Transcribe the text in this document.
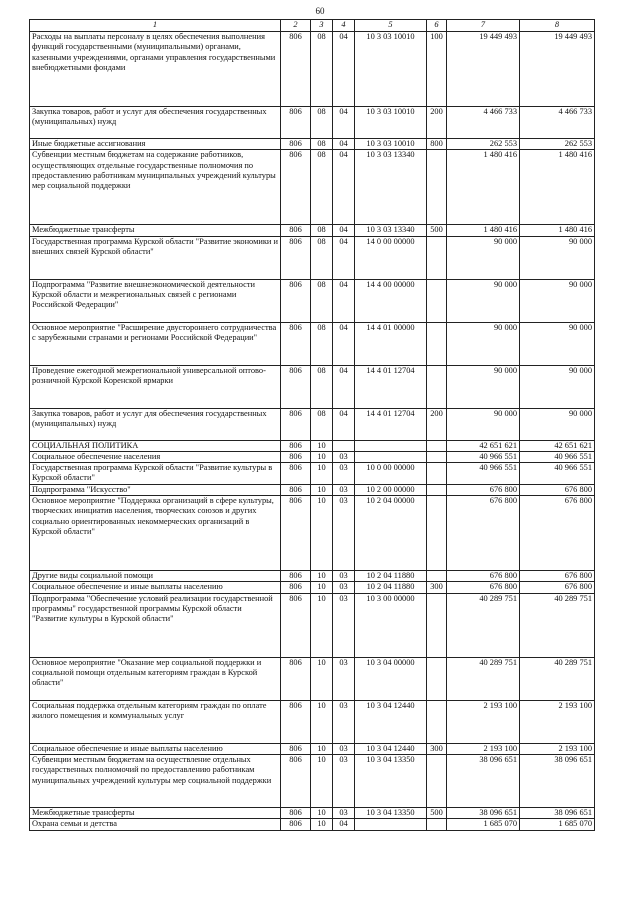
60
1	2	3	4	5	6	7	8
Расходы на выплаты персоналу в целях обеспечения выполнения функций государственными (муниципальными) органами, казенными учреждениями, органами управления государственными внебюджетными фондами	806	08	04	10 3 03 10010	100	19 449 493	19 449 493
Закупка товаров, работ и услуг для обеспечения государственных (муниципальных) нужд	806	08	04	10 3 03 10010	200	4 466 733	4 466 733
Иные бюджетные ассигнования	806	08	04	10 3 03 10010	800	262 553	262 553
Субвенции местным бюджетам на содержание работников, осуществляющих отдельные государственные полномочия по предоставлению работникам муниципальных учреждений культуры мер социальной поддержки	806	08	04	10 3 03 13340		1 480 416	1 480 416
Межбюджетные трансферты	806	08	04	10 3 03 13340	500	1 480 416	1 480 416
Государственная программа Курской области "Развитие экономики и внешних связей Курской области"	806	08	04	14 0 00 00000		90 000	90 000
Подпрограмма "Развитие внешнеэкономической деятельности Курской области и межрегиональных связей с регионами Российской Федерации"	806	08	04	14 4 00 00000		90 000	90 000
Основное мероприятие "Расширение двустороннего сотрудничества с зарубежными странами и регионами Российской Федерации"	806	08	04	14 4 01 00000		90 000	90 000
Проведение ежегодной межрегиональной универсальной оптово-розничной Курской Коренской ярмарки	806	08	04	14 4 01 12704		90 000	90 000
Закупка товаров, работ и услуг для обеспечения государственных (муниципальных) нужд	806	08	04	14 4 01 12704	200	90 000	90 000
СОЦИАЛЬНАЯ ПОЛИТИКА	806	10				42 651 621	42 651 621
Социальное обеспечение населения	806	10	03			40 966 551	40 966 551
Государственная программа Курской области "Развитие культуры в Курской области"	806	10	03	10 0 00 00000		40 966 551	40 966 551
Подпрограмма "Искусство"	806	10	03	10 2 00 00000		676 800	676 800
Основное мероприятие "Поддержка организаций в сфере культуры, творческих инициатив населения, творческих союзов и других социально ориентированных некоммерческих организаций в Курской области"	806	10	03	10 2 04 00000		676 800	676 800
Другие виды социальной помощи	806	10	03	10 2 04 11880		676 800	676 800
Социальное обеспечение и иные выплаты населению	806	10	03	10 2 04 11880	300	676 800	676 800
Подпрограмма "Обеспечение условий реализации государственной программы" государственной программы Курской области "Развитие культуры в Курской области"	806	10	03	10 3 00 00000		40 289 751	40 289 751
Основное мероприятие "Оказание мер социальной поддержки и социальной помощи отдельным категориям граждан в Курской области"	806	10	03	10 3 04 00000		40 289 751	40 289 751
Социальная поддержка отдельным категориям граждан по оплате жилого помещения и коммунальных услуг	806	10	03	10 3 04 12440		2 193 100	2 193 100
Социальное обеспечение и иные выплаты населению	806	10	03	10 3 04 12440	300	2 193 100	2 193 100
Субвенции местным бюджетам на осуществление отдельных государственных полномочий по предоставлению работникам муниципальных учреждений культуры мер социальной поддержки	806	10	03	10 3 04 13350		38 096 651	38 096 651
Межбюджетные трансферты	806	10	03	10 3 04 13350	500	38 096 651	38 096 651
Охрана семьи и детства	806	10	04			1 685 070	1 685 070
